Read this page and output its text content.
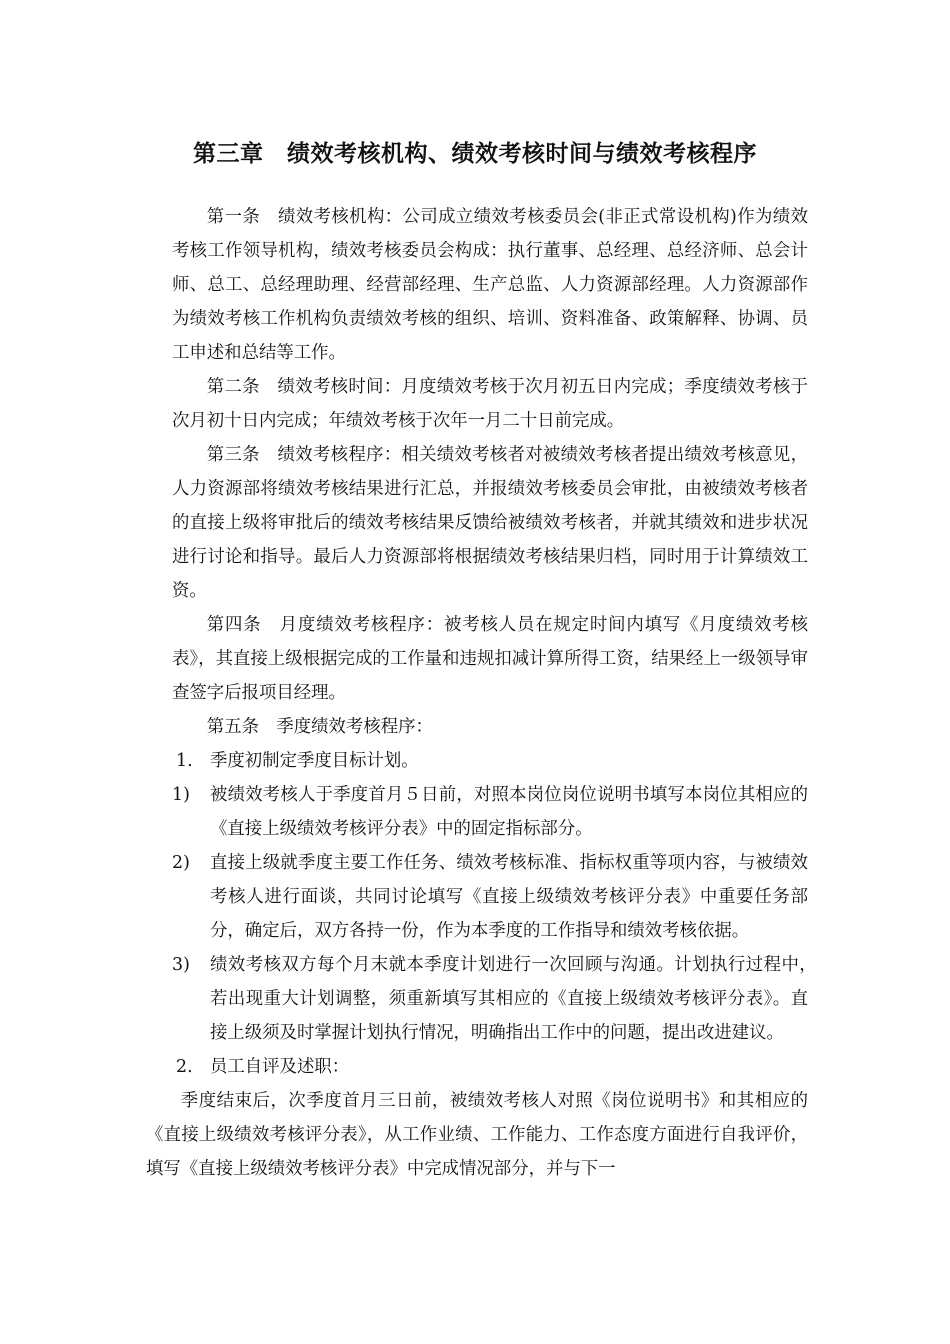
第三章　绩效考核机构、绩效考核时间与绩效考核程序

第一条　绩效考核机构：公司成立绩效考核委员会(非正式常设机构)作为绩效考核工作领导机构，绩效考核委员会构成：执行董事、总经理、总经济师、总会计师、总工、总经理助理、经营部经理、生产总监、人力资源部经理。人力资源部作为绩效考核工作机构负责绩效考核的组织、培训、资料准备、政策解释、协调、员工申述和总结等工作。

第二条　绩效考核时间：月度绩效考核于次月初五日内完成；季度绩效考核于次月初十日内完成；年绩效考核于次年一月二十日前完成。

第三条　绩效考核程序：相关绩效考核者对被绩效考核者提出绩效考核意见，人力资源部将绩效考核结果进行汇总，并报绩效考核委员会审批，由被绩效考核者的直接上级将审批后的绩效考核结果反馈给被绩效考核者，并就其绩效和进步状况进行讨论和指导。最后人力资源部将根据绩效考核结果归档，同时用于计算绩效工资。

第四条　月度绩效考核程序：被考核人员在规定时间内填写《月度绩效考核表》，其直接上级根据完成的工作量和违规扣减计算所得工资，结果经上一级领导审查签字后报项目经理。

第五条　季度绩效考核程序：

1. 季度初制定季度目标计划。
1) 被绩效考核人于季度首月５日前，对照本岗位岗位说明书填写本岗位其相应的《直接上级绩效考核评分表》中的固定指标部分。
2) 直接上级就季度主要工作任务、绩效考核标准、指标权重等项内容，与被绩效考核人进行面谈，共同讨论填写《直接上级绩效考核评分表》中重要任务部分，确定后，双方各持一份，作为本季度的工作指导和绩效考核依据。
3) 绩效考核双方每个月末就本季度计划进行一次回顾与沟通。计划执行过程中，　若出现重大计划调整，须重新填写其相应的《直接上级绩效考核评分表》。直接上级须及时掌握计划执行情况，明确指出工作中的问题，提出改进建议。
2. 员工自评及述职：

季度结束后，次季度首月三日前，被绩效考核人对照《岗位说明书》和其相应的《直接上级绩效考核评分表》，从工作业绩、工作能力、工作态度方面进行自我评价，填写《直接上级绩效考核评分表》中完成情况部分，并与下一
